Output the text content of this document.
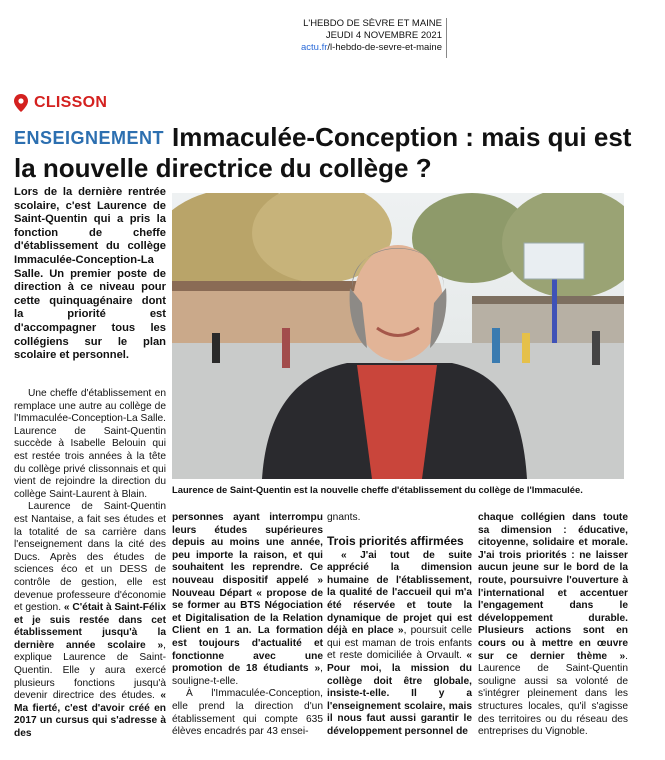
L'HEBDO DE SÈVRE ET MAINE
JEUDI 4 NOVEMBRE 2021
actu.fr/l-hebdo-de-sevre-et-maine
CLISSON
ENSEIGNEMENT Immaculée-Conception : mais qui est la nouvelle directrice du collège ?
Lors de la dernière rentrée scolaire, c'est Laurence de Saint-Quentin qui a pris la fonction de cheffe d'établissement du collège Immaculée-Conception-La Salle. Un premier poste de direction à ce niveau pour cette quinquagénaire dont la priorité est d'accompagner tous les collégiens sur le plan scolaire et personnel.
Laurence de Saint-Quentin est la nouvelle cheffe d'établissement du collège de l'Immaculée.

Une cheffe d'établissement en remplace une autre au collège de l'Immaculée-Conception-La Salle. Laurence de Saint-Quentin succède à Isabelle Belouin qui est restée trois années à la tête du collège privé clissonnais et qui vient de rejoindre la direction du collège Saint-Laurent à Blain.

Laurence de Saint-Quentin est Nantaise, a fait ses études et la totalité de sa carrière dans l'enseignement dans la cité des Ducs. Après des études de sciences éco et un DESS de contrôle de gestion, elle est devenue professeure d'économie et gestion. « C'était à Saint-Félix et je suis restée dans cet établissement jusqu'à la dernière année scolaire », explique Laurence de Saint-Quentin. Elle y aura exercé plusieurs fonctions jusqu'à devenir directrice des études. « Ma fierté, c'est d'avoir créé en 2017 un cursus qui s'adresse à des

personnes ayant interrompu leurs études supérieures depuis au moins une année, peu importe la raison, et qui souhaitent les reprendre. Ce nouveau dispositif appelé » Nouveau Départ « propose de se former au BTS Négociation et Digitalisation de la Relation Client en 1 an. La formation est toujours d'actualité et fonctionne avec une promotion de 18 étudiants », souligne-t-elle.

À l'Immaculée-Conception, elle prend la direction d'un établissement qui compte 635 élèves encadrés par 43 ensei-

gnants.

Trois priorités affirmées

« J'ai tout de suite apprécié la dimension humaine de l'établissement, la qualité de l'accueil qui m'a été réservée et toute la dynamique de projet qui est déjà en place », poursuit celle qui est maman de trois enfants et reste domiciliée à Orvault. « Pour moi, la mission du collège doit être globale, insiste-t-elle. Il y a l'enseignement scolaire, mais il nous faut aussi garantir le développement personnel de

chaque collégien dans toute sa dimension : éducative, citoyenne, solidaire et morale. J'ai trois priorités : ne laisser aucun jeune sur le bord de la route, poursuivre l'ouverture à l'international et accentuer l'engagement dans le développement durable. Plusieurs actions sont en cours ou à mettre en œuvre sur ce dernier thème ». Laurence de Saint-Quentin souligne aussi sa volonté de s'intégrer pleinement dans les structures locales, qu'il s'agisse des territoires ou du réseau des entreprises du Vignoble.
